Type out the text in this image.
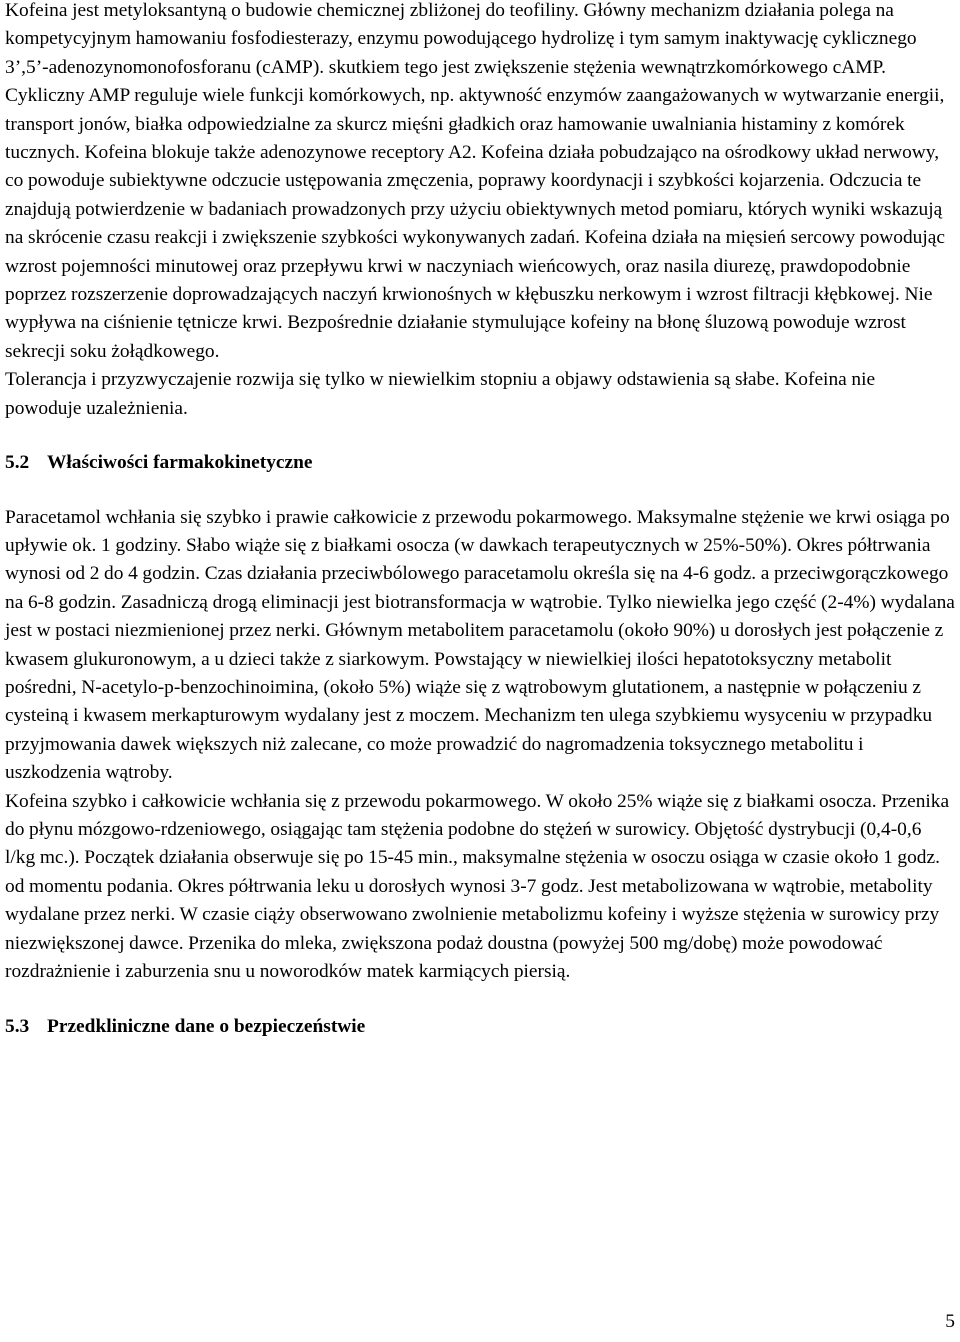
Kofeina jest metyloksantyną o budowie chemicznej zbliżonej do teofiliny. Główny mechanizm działania polega na kompetycyjnym hamowaniu fosfodiesterazy, enzymu powodującego hydrolizę i tym samym inaktywację cyklicznego 3’,5’-adenozynomonofosforanu (cAMP). skutkiem tego jest zwiększenie stężenia wewnątrzkomórkowego cAMP. Cykliczny AMP reguluje wiele funkcji komórkowych, np. aktywność enzymów zaangażowanych w wytwarzanie energii, transport jonów, białka odpowiedzialne za skurcz mięśni gładkich oraz hamowanie uwalniania histaminy z komórek tucznych. Kofeina blokuje także adenozynowe receptory A2. Kofeina działa pobudzająco na ośrodkowy układ nerwowy, co powoduje subiektywne odczucie ustępowania zmęczenia, poprawy koordynacji i szybkości kojarzenia. Odczucia te znajdują potwierdzenie w badaniach prowadzonych przy użyciu obiektywnych metod pomiaru, których wyniki wskazują na skrócenie czasu reakcji i zwiększenie szybkości wykonywanych zadań. Kofeina działa na mięsień sercowy powodując wzrost pojemności minutowej oraz przepływu krwi w naczyniach wieńcowych, oraz nasila diurezę, prawdopodobnie poprzez rozszerzenie doprowadzających naczyń krwionośnych w kłębuszku nerkowym i wzrost filtracji kłębkowej. Nie wypływa na ciśnienie tętnicze krwi. Bezpośrednie działanie stymulujące kofeiny na błonę śluzową powoduje wzrost sekrecji soku żołądkowego.

Tolerancja i przyzwyczajenie rozwija się tylko w niewielkim stopniu a objawy odstawienia są słabe. Kofeina nie powoduje uzależnienia.

5.2 Właściwości farmakokinetyczne

Paracetamol wchłania się szybko i prawie całkowicie z przewodu pokarmowego. Maksymalne stężenie we krwi osiąga po upływie ok. 1 godziny. Słabo wiąże się z białkami osocza (w dawkach terapeutycznych w 25%-50%). Okres półtrwania wynosi od 2 do 4 godzin. Czas działania przeciwbólowego paracetamolu określa się na 4-6 godz. a przeciwgorączkowego na 6-8 godzin. Zasadniczą drogą eliminacji jest biotransformacja w wątrobie. Tylko niewielka jego część (2-4%) wydalana jest w postaci niezmienionej przez nerki. Głównym metabolitem paracetamolu (około 90%) u dorosłych jest połączenie z kwasem glukuronowym, a u dzieci także z siarkowym. Powstający w niewielkiej ilości hepatotoksyczny metabolit pośredni, N-acetylo-p-benzochinoimina, (około 5%) wiąże się z wątrobowym glutationem, a następnie w połączeniu z cysteiną i kwasem merkapturowym wydalany jest z moczem. Mechanizm ten ulega szybkiemu wysyceniu w przypadku przyjmowania dawek większych niż zalecane, co może prowadzić do nagromadzenia toksycznego metabolitu i uszkodzenia wątroby.

Kofeina szybko i całkowicie wchłania się z przewodu pokarmowego. W około 25% wiąże się z białkami osocza. Przenika do płynu mózgowo-rdzeniowego, osiągając tam stężenia podobne do stężeń w surowicy. Objętość dystrybucji (0,4-0,6 l/kg mc.). Początek działania obserwuje się po 15-45 min., maksymalne stężenia w osoczu osiąga w czasie około 1 godz. od momentu podania. Okres półtrwania leku u dorosłych wynosi 3-7 godz. Jest metabolizowana w wątrobie, metabolity wydalane przez nerki. W czasie ciąży obserwowano zwolnienie metabolizmu kofeiny i wyższe stężenia w surowicy przy niezwiększonej dawce. Przenika do mleka, zwiększona podaż doustna (powyżej 500 mg/dobę) może powodować rozdrażnienie i zaburzenia snu u noworodków matek karmiących piersią.

5.3 Przedkliniczne dane o bezpieczeństwie
5
